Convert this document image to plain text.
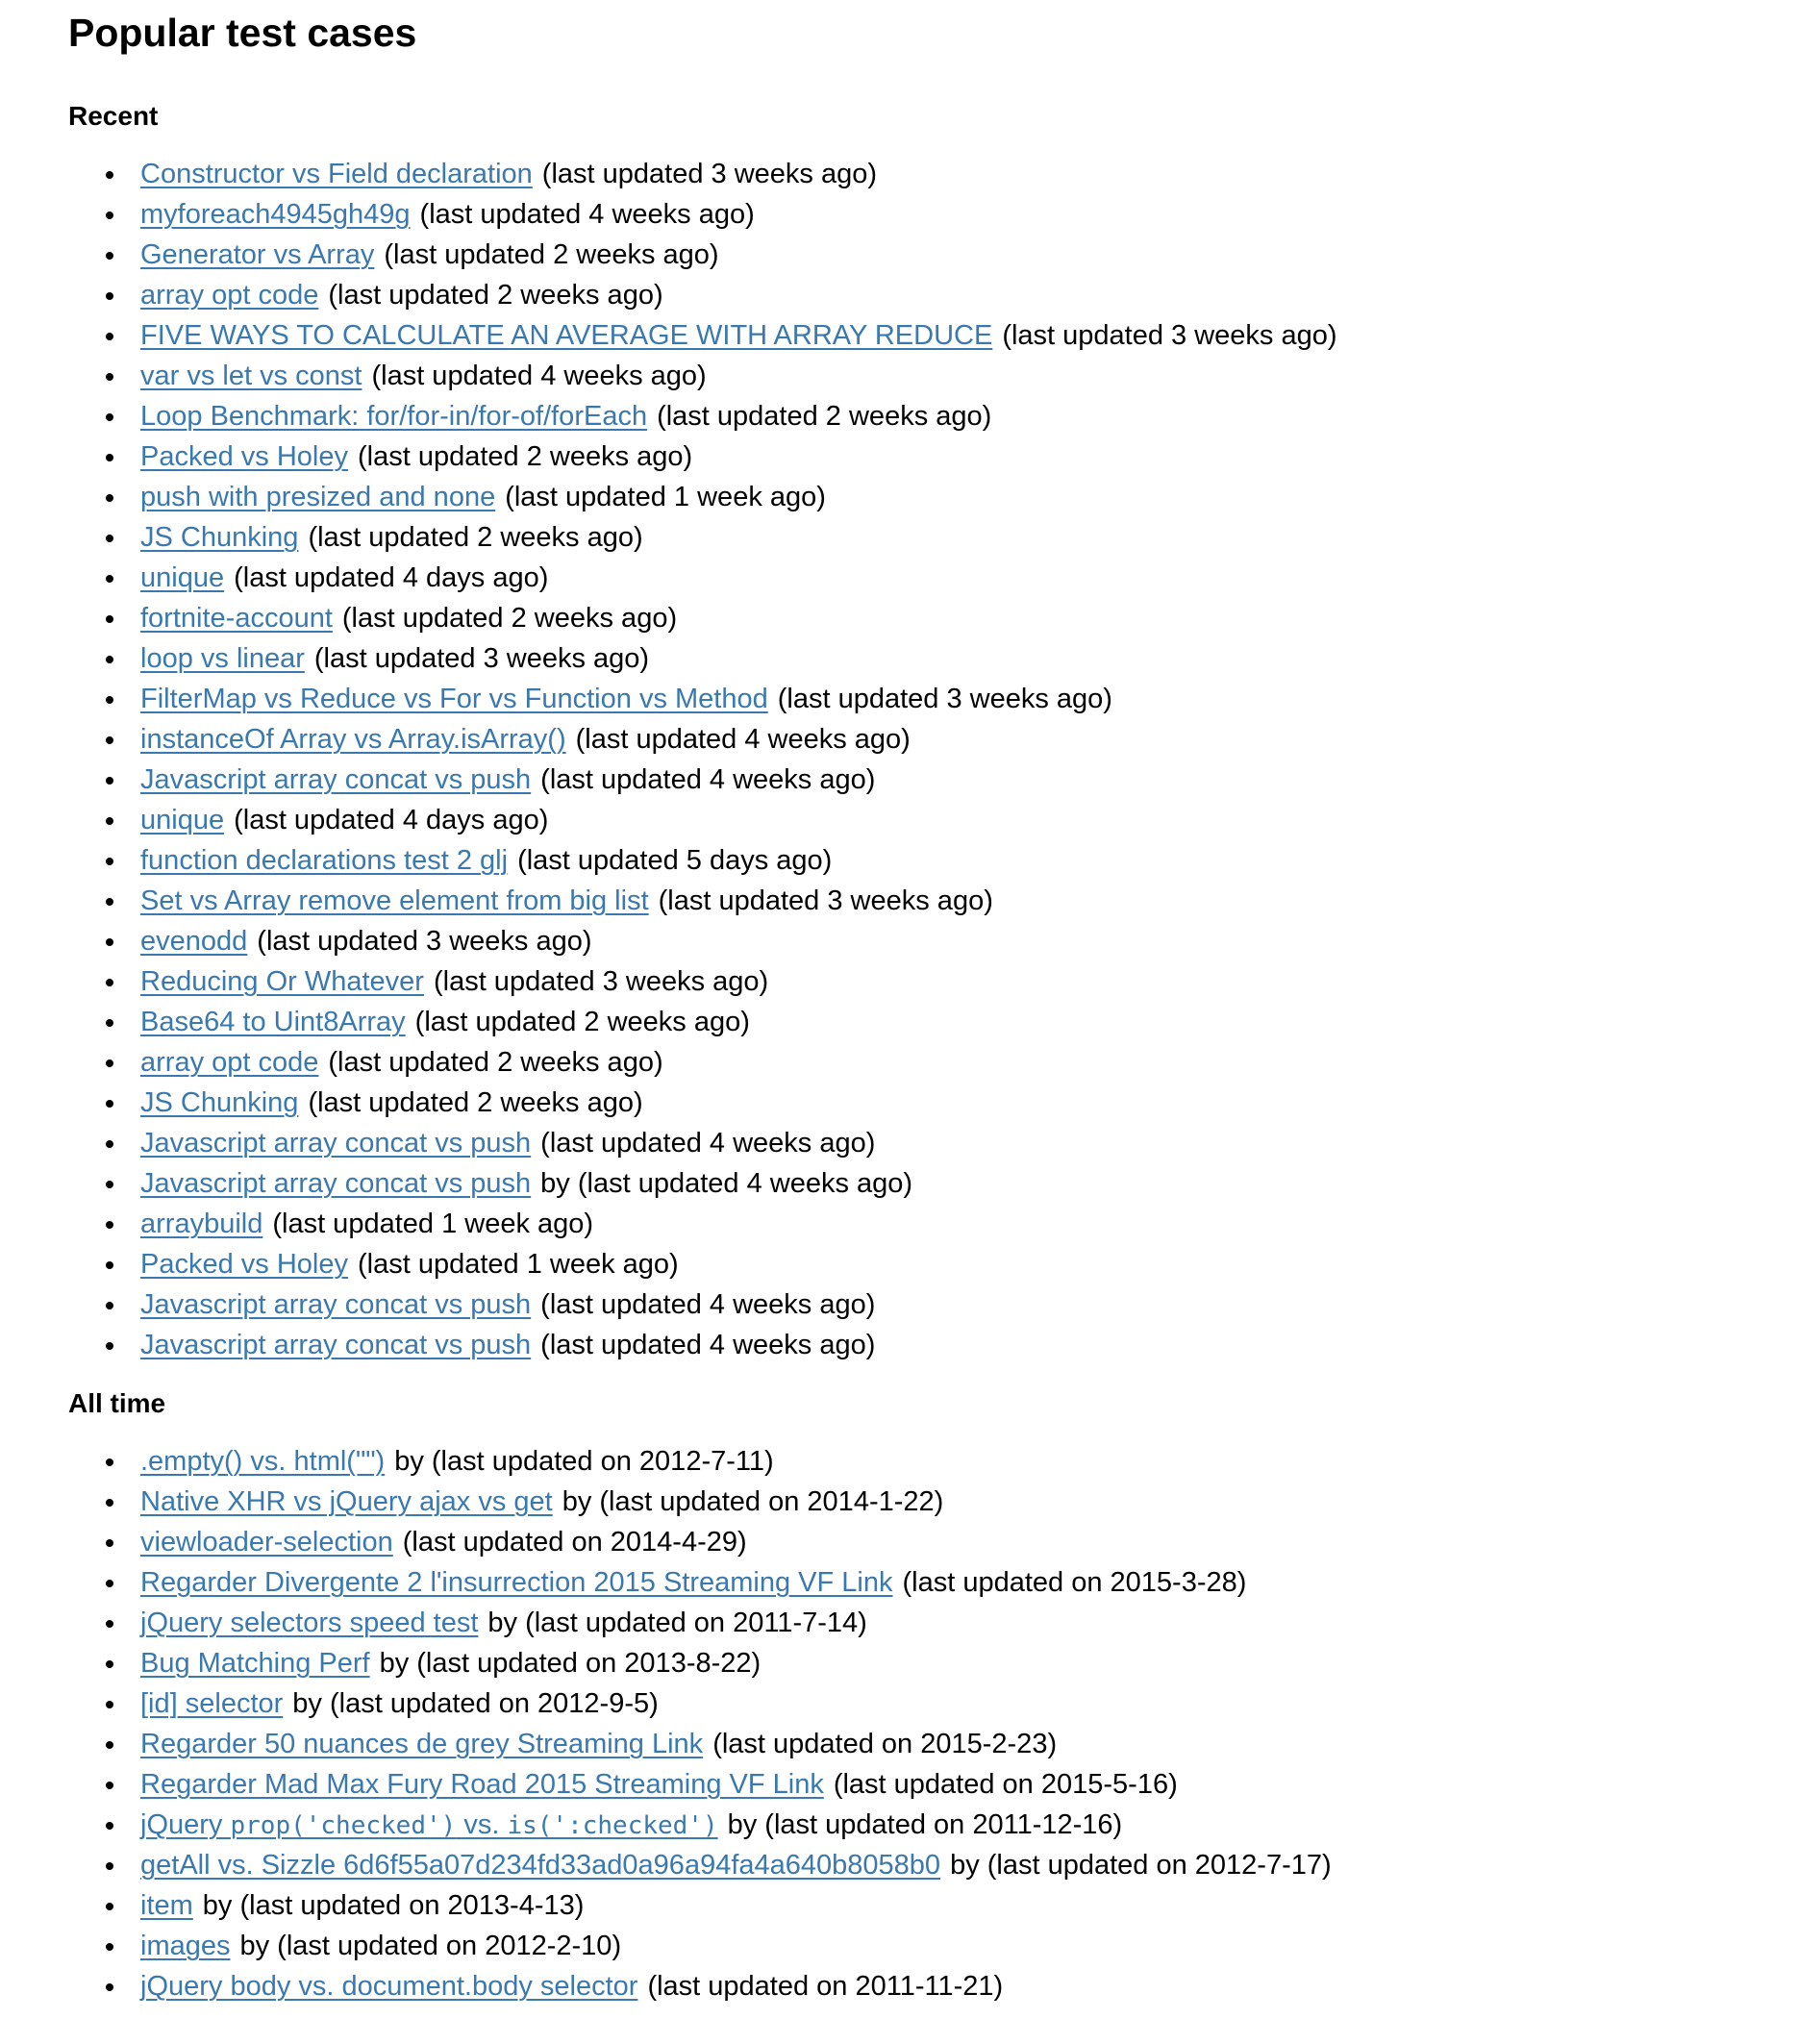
Popular test cases
Recent
Constructor vs Field declaration (last updated 3 weeks ago)
myforeach4945gh49g (last updated 4 weeks ago)
Generator vs Array (last updated 2 weeks ago)
array opt code (last updated 2 weeks ago)
FIVE WAYS TO CALCULATE AN AVERAGE WITH ARRAY REDUCE (last updated 3 weeks ago)
var vs let vs const (last updated 4 weeks ago)
Loop Benchmark: for/for-in/for-of/forEach (last updated 2 weeks ago)
Packed vs Holey (last updated 2 weeks ago)
push with presized and none (last updated 1 week ago)
JS Chunking (last updated 2 weeks ago)
unique (last updated 4 days ago)
fortnite-account (last updated 2 weeks ago)
loop vs linear (last updated 3 weeks ago)
FilterMap vs Reduce vs For vs Function vs Method (last updated 3 weeks ago)
instanceOf Array vs Array.isArray() (last updated 4 weeks ago)
Javascript array concat vs push (last updated 4 weeks ago)
unique (last updated 4 days ago)
function declarations test 2 glj (last updated 5 days ago)
Set vs Array remove element from big list (last updated 3 weeks ago)
evenodd (last updated 3 weeks ago)
Reducing Or Whatever (last updated 3 weeks ago)
Base64 to Uint8Array (last updated 2 weeks ago)
array opt code (last updated 2 weeks ago)
JS Chunking (last updated 2 weeks ago)
Javascript array concat vs push (last updated 4 weeks ago)
Javascript array concat vs push by (last updated 4 weeks ago)
arraybuild (last updated 1 week ago)
Packed vs Holey (last updated 1 week ago)
Javascript array concat vs push (last updated 4 weeks ago)
Javascript array concat vs push (last updated 4 weeks ago)
All time
.empty() vs. html("") by (last updated on 2012-7-11)
Native XHR vs jQuery ajax vs get by (last updated on 2014-1-22)
viewloader-selection (last updated on 2014-4-29)
Regarder Divergente 2 l'insurrection 2015 Streaming VF Link (last updated on 2015-3-28)
jQuery selectors speed test by (last updated on 2011-7-14)
Bug Matching Perf by (last updated on 2013-8-22)
[id] selector by (last updated on 2012-9-5)
Regarder 50 nuances de grey Streaming Link (last updated on 2015-2-23)
Regarder Mad Max Fury Road 2015 Streaming VF Link (last updated on 2015-5-16)
jQuery prop('checked') vs. is(':checked') by (last updated on 2011-12-16)
getAll vs. Sizzle 6d6f55a07d234fd33ad0a96a94fa4a640b8058b0 by (last updated on 2012-7-17)
item by (last updated on 2013-4-13)
images by (last updated on 2012-2-10)
jQuery body vs. document.body selector (last updated on 2011-11-21)
